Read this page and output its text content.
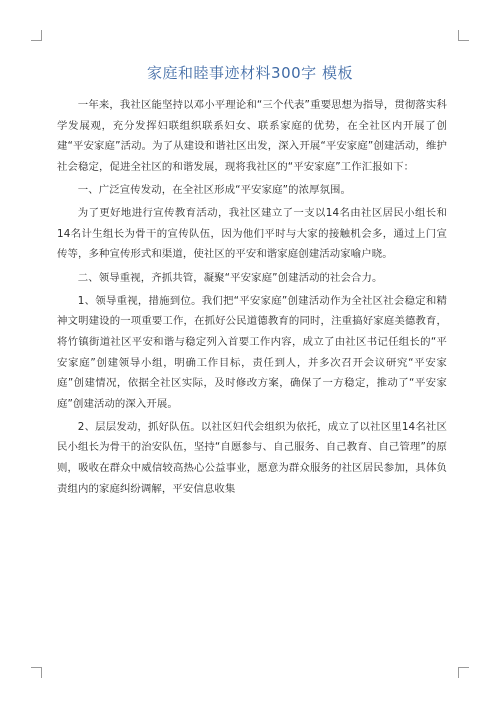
家庭和睦事迹材料300字 模板

一年来，我社区能坚持以邓小平理论和“三个代表”重要思想为指导，贯彻落实科学发展观，充分发挥妇联组织联系妇女、联系家庭的优势，在全社区内开展了创建“平安家庭”活动。为了从建设和谐社区出发，深入开展“平安家庭”创建活动，维护社会稳定，促进全社区的和谐发展，现将我社区的“平安家庭”工作汇报如下：

一、广泛宣传发动，在全社区形成“平安家庭”的浓厚氛围。

为了更好地进行宣传教育活动，我社区建立了一支以14名由社区居民小组长和14名计生组长为骨干的宣传队伍，因为他们平时与大家的接触机会多，通过上门宣传等，多种宣传形式和渠道，使社区的平安和谐家庭创建活动家喻户晓。

二、领导重视，齐抓共管，凝聚“平安家庭”创建活动的社会合力。

1、领导重视，措施到位。我们把“平安家庭”创建活动作为全社区社会稳定和精神文明建设的一项重要工作，在抓好公民道德教育的同时，注重搞好家庭美德教育，将竹镇街道社区平安和谐与稳定列入首要工作内容，成立了由社区书记任组长的“平安家庭”创建领导小组，明确工作目标，责任到人，并多次召开会议研究“平安家庭”创建情况，依据全社区实际，及时修改方案，确保了一方稳定，推动了“平安家庭”创建活动的深入开展。

2、层层发动，抓好队伍。以社区妇代会组织为依托，成立了以社区里14名社区民小组长为骨干的治安队伍，坚持“自愿参与、自己服务、自己教育、自己管理”的原则，吸收在群众中威信较高热心公益事业，愿意为群众服务的社区居民参加，具体负责组内的家庭纠纷调解，平安信息收集
